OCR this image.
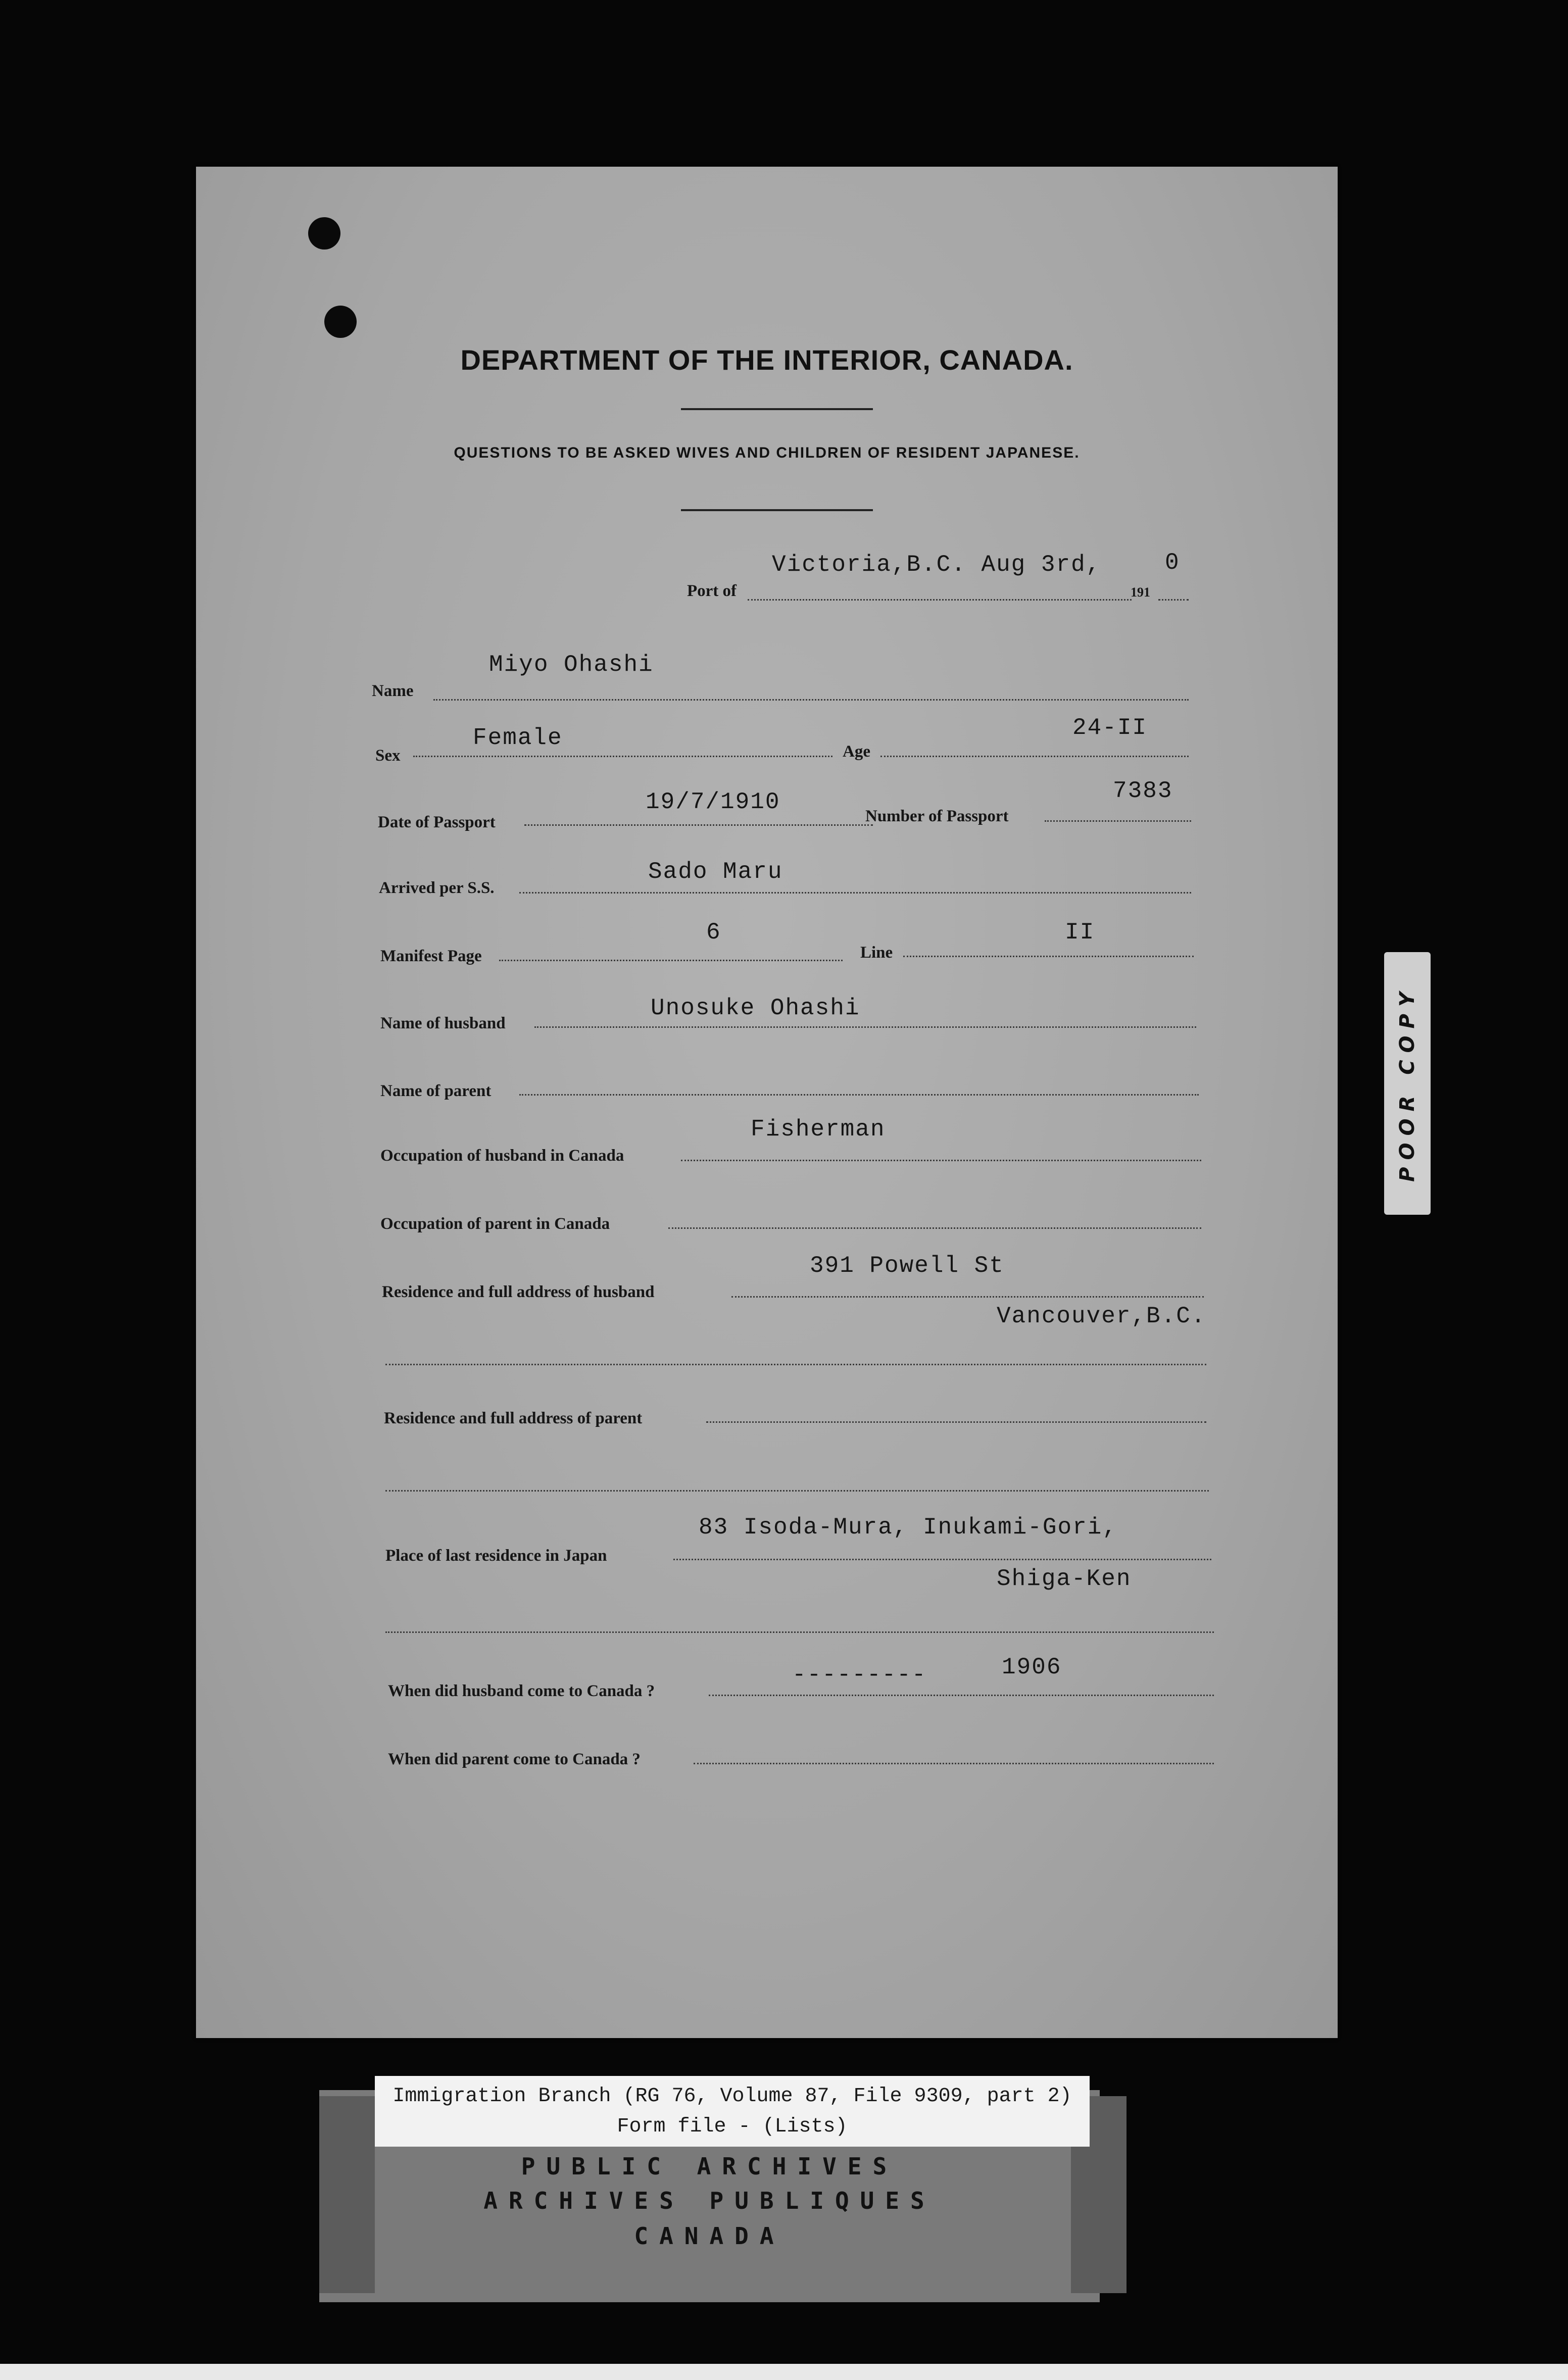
DEPARTMENT OF THE INTERIOR, CANADA.
QUESTIONS TO BE ASKED WIVES AND CHILDREN OF RESIDENT JAPANESE.
Port of
Victoria,B.C. Aug 3rd,
191
0
Name
Miyo Ohashi
Sex
Female
Age
24-II
Date of Passport
19/7/1910
Number of Passport
7383
Arrived per S.S.
Sado Maru
Manifest Page
6
Line
II
Name of husband
Unosuke Ohashi
Name of parent
Occupation of husband in Canada
Fisherman
Occupation of parent in Canada
Residence and full address of husband
391 Powell St
Vancouver,B.C.
Residence and full address of parent
Place of last residence in Japan
83 Isoda-Mura, Inukami-Gori,
Shiga-Ken
When did husband come to Canada ?
---------	1906
When did parent come to Canada ?
POOR COPY
Immigration Branch (RG 76, Volume 87, File 9309, part 2)
Form file - (Lists)
PUBLIC ARCHIVES
ARCHIVES PUBLIQUES
CANADA
